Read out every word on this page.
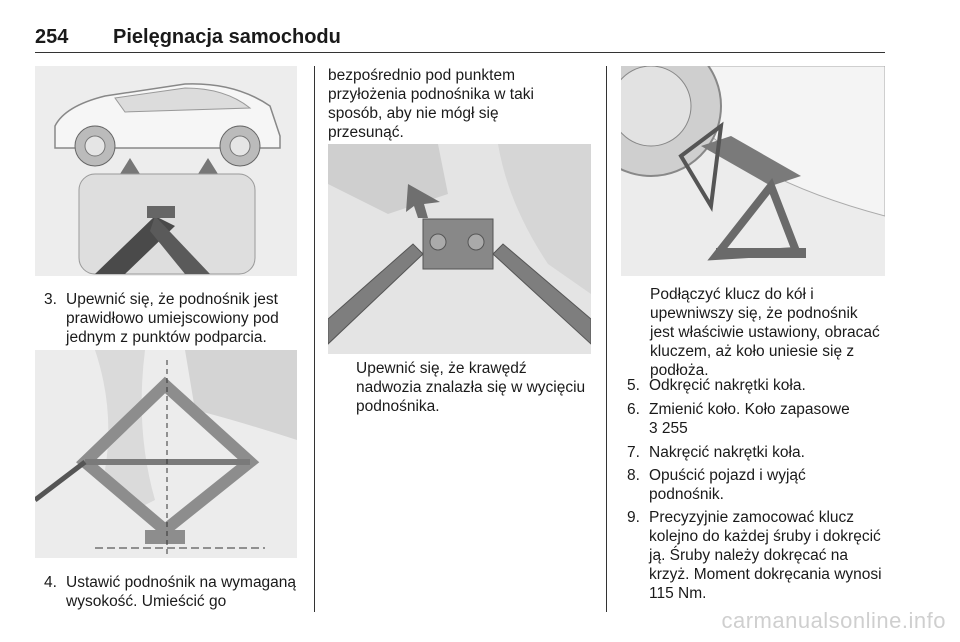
254 Pielęgnacja samochodu
3. Upewnić się, że podnośnik jest
prawidłowo umiejscowiony pod
jednym z punktów podparcia.
4. Ustawić podnośnik na wymaganą
wysokość. Umieścić go
bezpośrednio pod punktem
przyłożenia podnośnika w taki
sposób, aby nie mógł się
przesunąć.
Upewnić się, że krawędź
nadwozia znalazła się w wycięciu
podnośnika.
Podłączyć klucz do kół i
upewniwszy się, że podnośnik
jest właściwie ustawiony, obracać
kluczem, aż koło uniesie się z
podłoża.
5. Odkręcić nakrętki koła.
6. Zmienić koło. Koło zapasowe
3 255
7. Nakręcić nakrętki koła.
8. Opuścić pojazd i wyjąć
podnośnik.
9. Precyzyjnie zamocować klucz
kolejno do każdej śruby i dokręcić
ją. Śruby należy dokręcać na
krzyż. Moment dokręcania wynosi
115 Nm.
carmanualsonline.info
